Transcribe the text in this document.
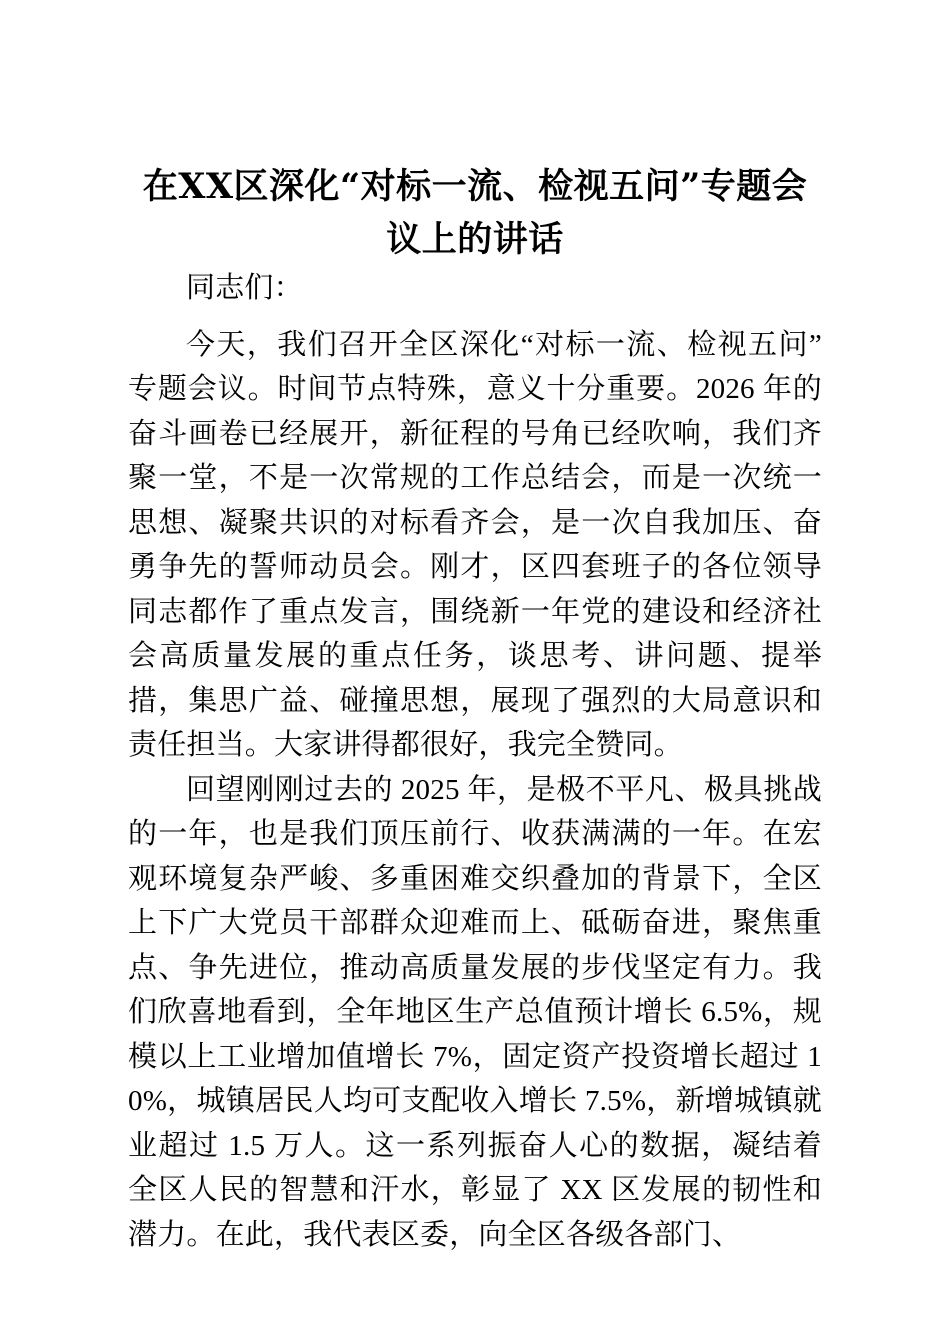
在XX区深化“对标一流、检视五问”专题会
议上的讲话

同志们：

今天，我们召开全区深化“对标一流、检视五问”专题会议。时间节点特殊，意义十分重要。2026 年的奋斗画卷已经展开，新征程的号角已经吹响，我们齐聚一堂，不是一次常规的工作总结会，而是一次统一思想、凝聚共识的对标看齐会，是一次自我加压、奋勇争先的誓师动员会。刚才，区四套班子的各位领导同志都作了重点发言，围绕新一年党的建设和经济社会高质量发展的重点任务，谈思考、讲问题、提举措，集思广益、碰撞思想，展现了强烈的大局意识和责任担当。大家讲得都很好，我完全赞同。

回望刚刚过去的 2025 年，是极不平凡、极具挑战的一年，也是我们顶压前行、收获满满的一年。在宏观环境复杂严峻、多重困难交织叠加的背景下，全区上下广大党员干部群众迎难而上、砥砺奋进，聚焦重点、争先进位，推动高质量发展的步伐坚定有力。我们欣喜地看到，全年地区生产总值预计增长 6.5%，规模以上工业增加值增长 7%，固定资产投资增长超过 10%，城镇居民人均可支配收入增长 7.5%，新增城镇就业超过 1.5 万人。这一系列振奋人心的数据，凝结着全区人民的智慧和汗水，彰显了 XX 区发展的韧性和潜力。在此，我代表区委，向全区各级各部门、
